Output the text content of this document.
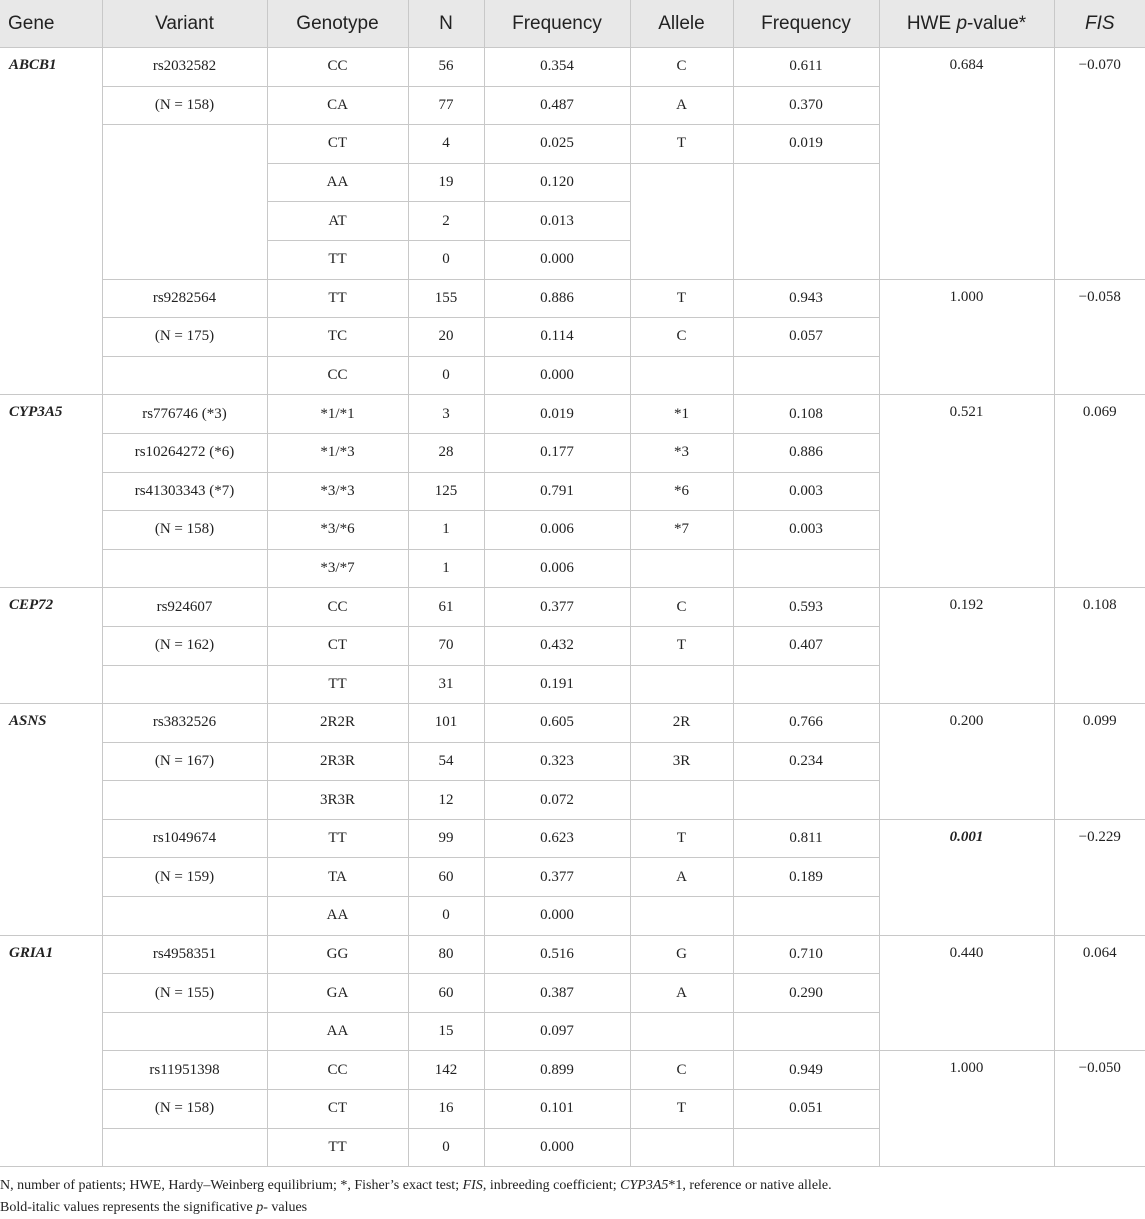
Gene	Variant	Genotype	N	Frequency	Allele	Frequency	HWE p-value*	FIS
ABCB1	rs2032582	CC	56	0.354	C	0.611	0.684	−0.070
	(N = 158)	CA	77	0.487	A	0.370		
		CT	4	0.025	T	0.019		
		AA	19	0.120				
		AT	2	0.013				
		TT	0	0.000				
	rs9282564	TT	155	0.886	T	0.943	1.000	−0.058
	(N = 175)	TC	20	0.114	C	0.057		
		CC	0	0.000				
CYP3A5	rs776746 (*3)	*1/*1	3	0.019	*1	0.108	0.521	0.069
	rs10264272 (*6)	*1/*3	28	0.177	*3	0.886		
	rs41303343 (*7)	*3/*3	125	0.791	*6	0.003		
	(N = 158)	*3/*6	1	0.006	*7	0.003		
		*3/*7	1	0.006				
CEP72	rs924607	CC	61	0.377	C	0.593	0.192	0.108
	(N = 162)	CT	70	0.432	T	0.407		
		TT	31	0.191				
ASNS	rs3832526	2R2R	101	0.605	2R	0.766	0.200	0.099
	(N = 167)	2R3R	54	0.323	3R	0.234		
		3R3R	12	0.072				
	rs1049674	TT	99	0.623	T	0.811	0.001	−0.229
	(N = 159)	TA	60	0.377	A	0.189		
		AA	0	0.000				
GRIA1	rs4958351	GG	80	0.516	G	0.710	0.440	0.064
	(N = 155)	GA	60	0.387	A	0.290		
		AA	15	0.097				
	rs11951398	CC	142	0.899	C	0.949	1.000	−0.050
	(N = 158)	CT	16	0.101	T	0.051		
		TT	0	0.000				
N, number of patients; HWE, Hardy–Weinberg equilibrium; *, Fisher’s exact test; FIS, inbreeding coefficient; CYP3A5*1, reference or native allele.
Bold-italic values represents the significative p- values
